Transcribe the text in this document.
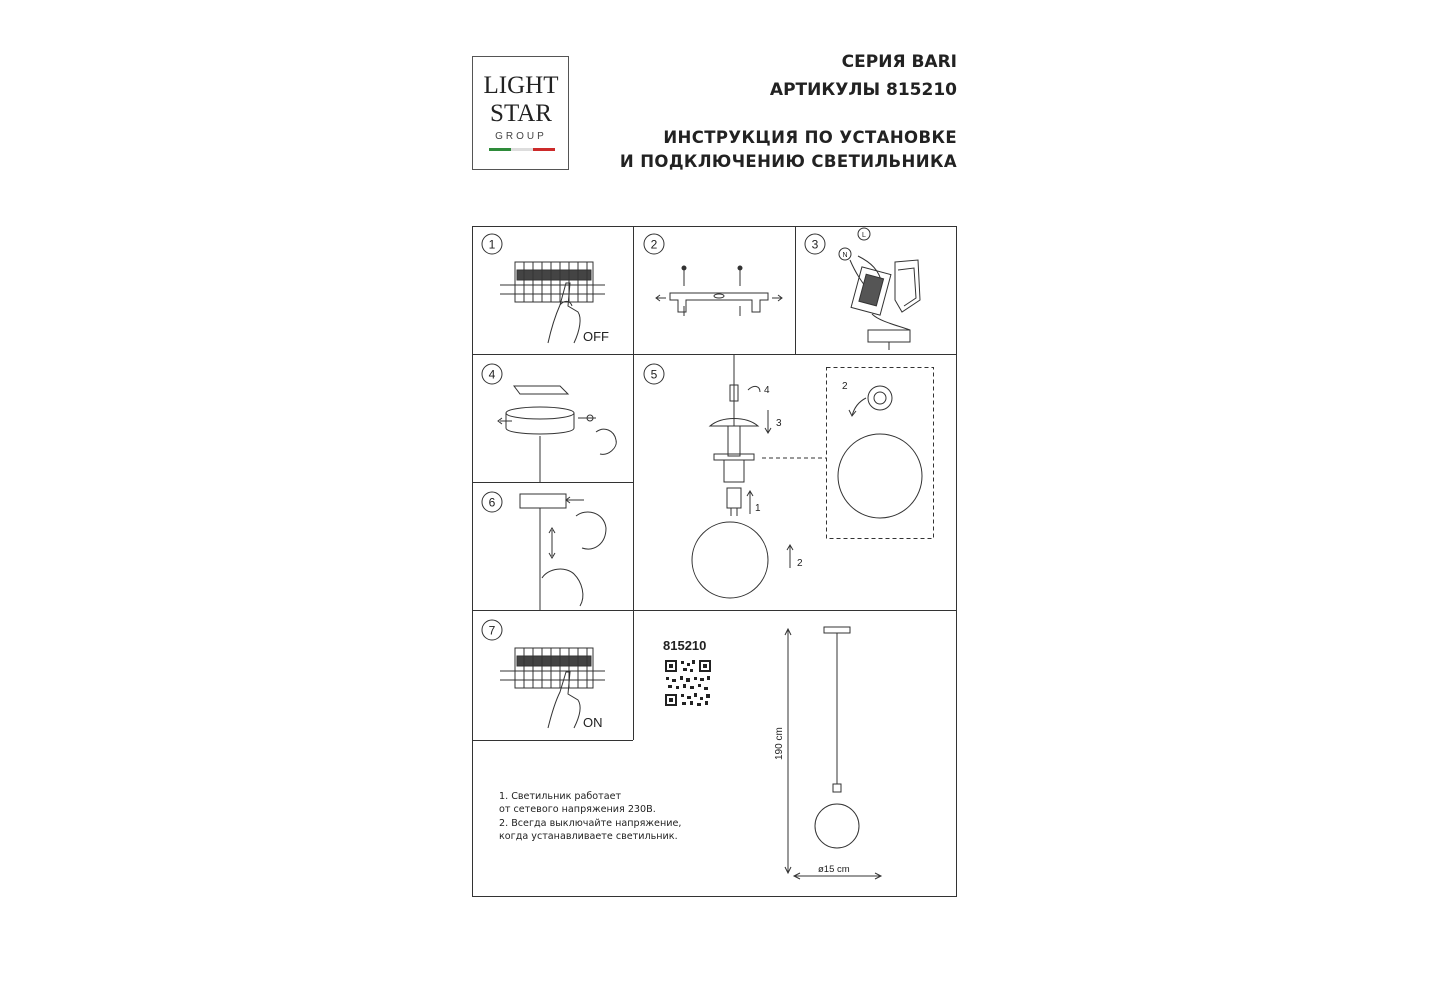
LIGHT
STAR
GROUP
СЕРИЯ BARI
АРТИКУЛЫ 815210
ИНСТРУКЦИЯ ПО УСТАНОВКЕ
И ПОДКЛЮЧЕНИЮ СВЕТИЛЬНИКА
1	2	3
4	5
6
7
OFF
N
L
4
3
1
2
2
ON
815210
190 cm
ø15 cm
1. Светильник работает
от сетевого напряжения 230В.
2. Всегда выключайте напряжение,
когда устанавливаете светильник.
